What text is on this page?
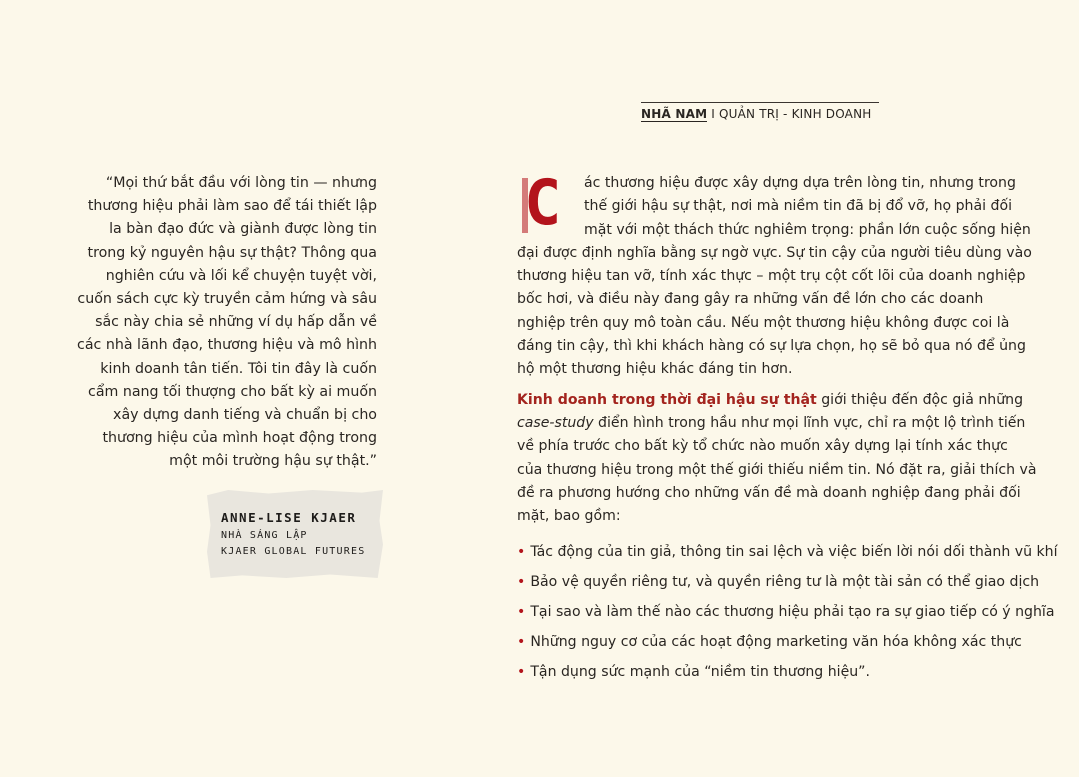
NHÃ NAM I QUẢN TRỊ - KINH DOANH

“Mọi thứ bắt đầu với lòng tin — nhưng

thương hiệu phải làm sao để tái thiết lập

la bàn đạo đức và giành được lòng tin

trong kỷ nguyên hậu sự thật? Thông qua

nghiên cứu và lối kể chuyện tuyệt vời,

cuốn sách cực kỳ truyền cảm hứng và sâu

sắc này chia sẻ những ví dụ hấp dẫn về

các nhà lãnh đạo, thương hiệu và mô hình

kinh doanh tân tiến. Tôi tin đây là cuốn

cẩm nang tối thượng cho bất kỳ ai muốn

xây dựng danh tiếng và chuẩn bị cho

thương hiệu của mình hoạt động trong

một môi trường hậu sự thật.”

ANNE-LISE KJAER
NHÀ SÁNG LẬP
KJAER GLOBAL FUTURES
C	ác thương hiệu được xây dựng dựa trên lòng tin, nhưng trong
thế giới hậu sự thật, nơi mà niềm tin đã bị đổ vỡ, họ phải đối
mặt với một thách thức nghiêm trọng: phần lớn cuộc sống hiện
đại được định nghĩa bằng sự ngờ vực. Sự tin cậy của người tiêu dùng vào
thương hiệu tan vỡ, tính xác thực – một trụ cột cốt lõi của doanh nghiệp
bốc hơi, và điều này đang gây ra những vấn đề lớn cho các doanh
nghiệp trên quy mô toàn cầu. Nếu một thương hiệu không được coi là
đáng tin cậy, thì khi khách hàng có sự lựa chọn, họ sẽ bỏ qua nó để ủng
hộ một thương hiệu khác đáng tin hơn.
Kinh doanh trong thời đại hậu sự thật giới thiệu đến độc giả những
case-study điển hình trong hầu như mọi lĩnh vực, chỉ ra một lộ trình tiến
về phía trước cho bất kỳ tổ chức nào muốn xây dựng lại tính xác thực
của thương hiệu trong một thế giới thiếu niềm tin. Nó đặt ra, giải thích và
đề ra phương hướng cho những vấn đề mà doanh nghiệp đang phải đối
mặt, bao gồm:
• Tác động của tin giả, thông tin sai lệch và việc biến lời nói dối thành vũ khí
• Bảo vệ quyền riêng tư, và quyền riêng tư là một tài sản có thể giao dịch
• Tại sao và làm thế nào các thương hiệu phải tạo ra sự giao tiếp có ý nghĩa
• Những nguy cơ của các hoạt động marketing văn hóa không xác thực
• Tận dụng sức mạnh của “niềm tin thương hiệu”.
